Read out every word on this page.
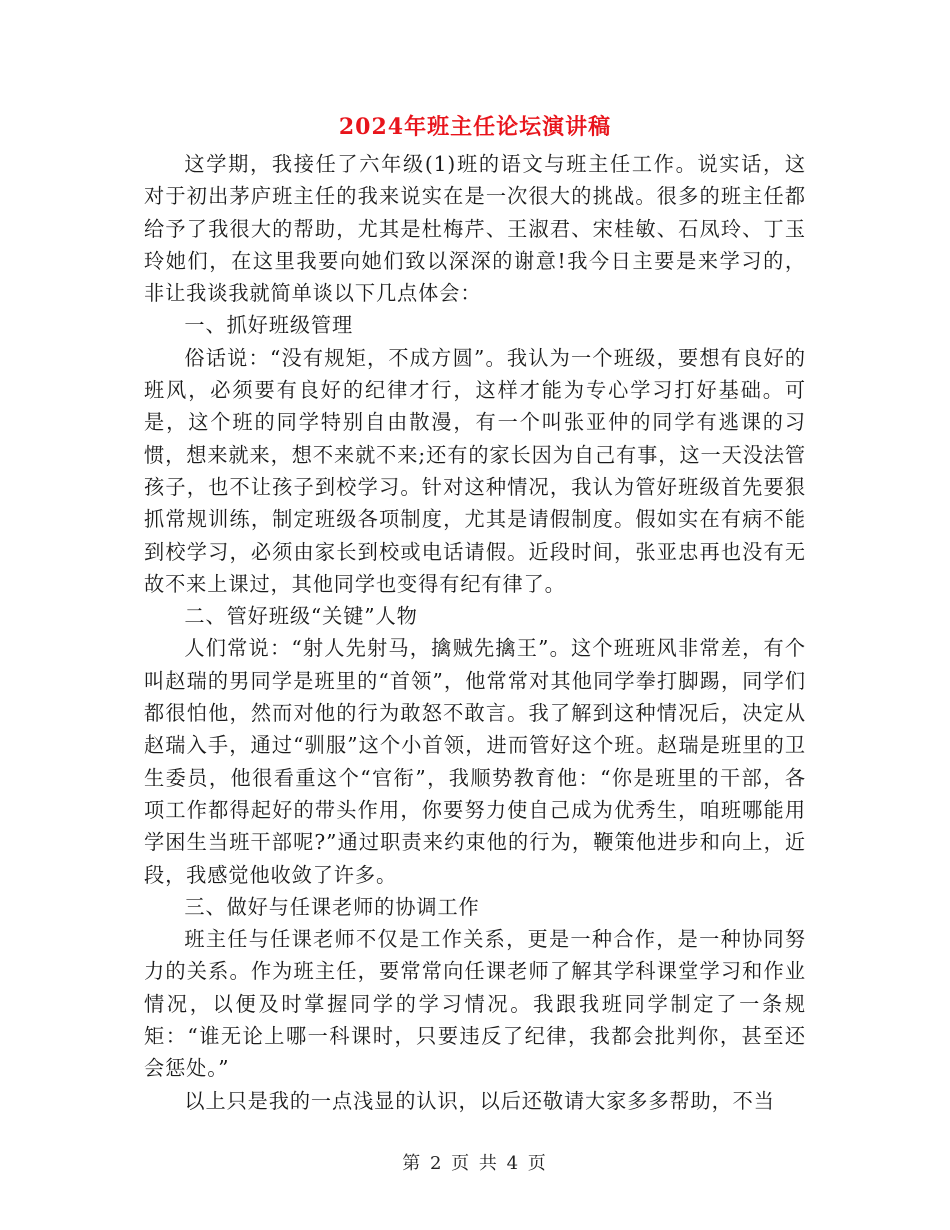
2024年班主任论坛演讲稿

这学期，我接任了六年级(1)班的语文与班主任工作。说实话，这对于初出茅庐班主任的我来说实在是一次很大的挑战。很多的班主任都给予了我很大的帮助，尤其是杜梅芹、王淑君、宋桂敏、石凤玲、丁玉玲她们，在这里我要向她们致以深深的谢意!我今日主要是来学习的，非让我谈我就简单谈以下几点体会：

一、抓好班级管理

俗话说：“没有规矩，不成方圆”。我认为一个班级，要想有良好的班风，必须要有良好的纪律才行，这样才能为专心学习打好基础。可是，这个班的同学特别自由散漫，有一个叫张亚仲的同学有逃课的习惯，想来就来，想不来就不来;还有的家长因为自己有事，这一天没法管孩子，也不让孩子到校学习。针对这种情况，我认为管好班级首先要狠抓常规训练，制定班级各项制度，尤其是请假制度。假如实在有病不能到校学习，必须由家长到校或电话请假。近段时间，张亚忠再也没有无故不来上课过，其他同学也变得有纪有律了。

二、管好班级“关键”人物

人们常说：“射人先射马，擒贼先擒王”。这个班班风非常差，有个叫赵瑞的男同学是班里的“首领”，他常常对其他同学拳打脚踢，同学们都很怕他，然而对他的行为敢怒不敢言。我了解到这种情况后，决定从赵瑞入手，通过“驯服”这个小首领，进而管好这个班。赵瑞是班里的卫生委员，他很看重这个“官衔”，我顺势教育他：“你是班里的干部，各项工作都得起好的带头作用，你要努力使自己成为优秀生，咱班哪能用学困生当班干部呢?”通过职责来约束他的行为，鞭策他进步和向上，近段，我感觉他收敛了许多。

三、做好与任课老师的协调工作

班主任与任课老师不仅是工作关系，更是一种合作，是一种协同努力的关系。作为班主任，要常常向任课老师了解其学科课堂学习和作业情况，以便及时掌握同学的学习情况。我跟我班同学制定了一条规矩：“谁无论上哪一科课时，只要违反了纪律，我都会批判你，甚至还会惩处。”

以上只是我的一点浅显的认识，以后还敬请大家多多帮助，不当

第 2 页 共 4 页
